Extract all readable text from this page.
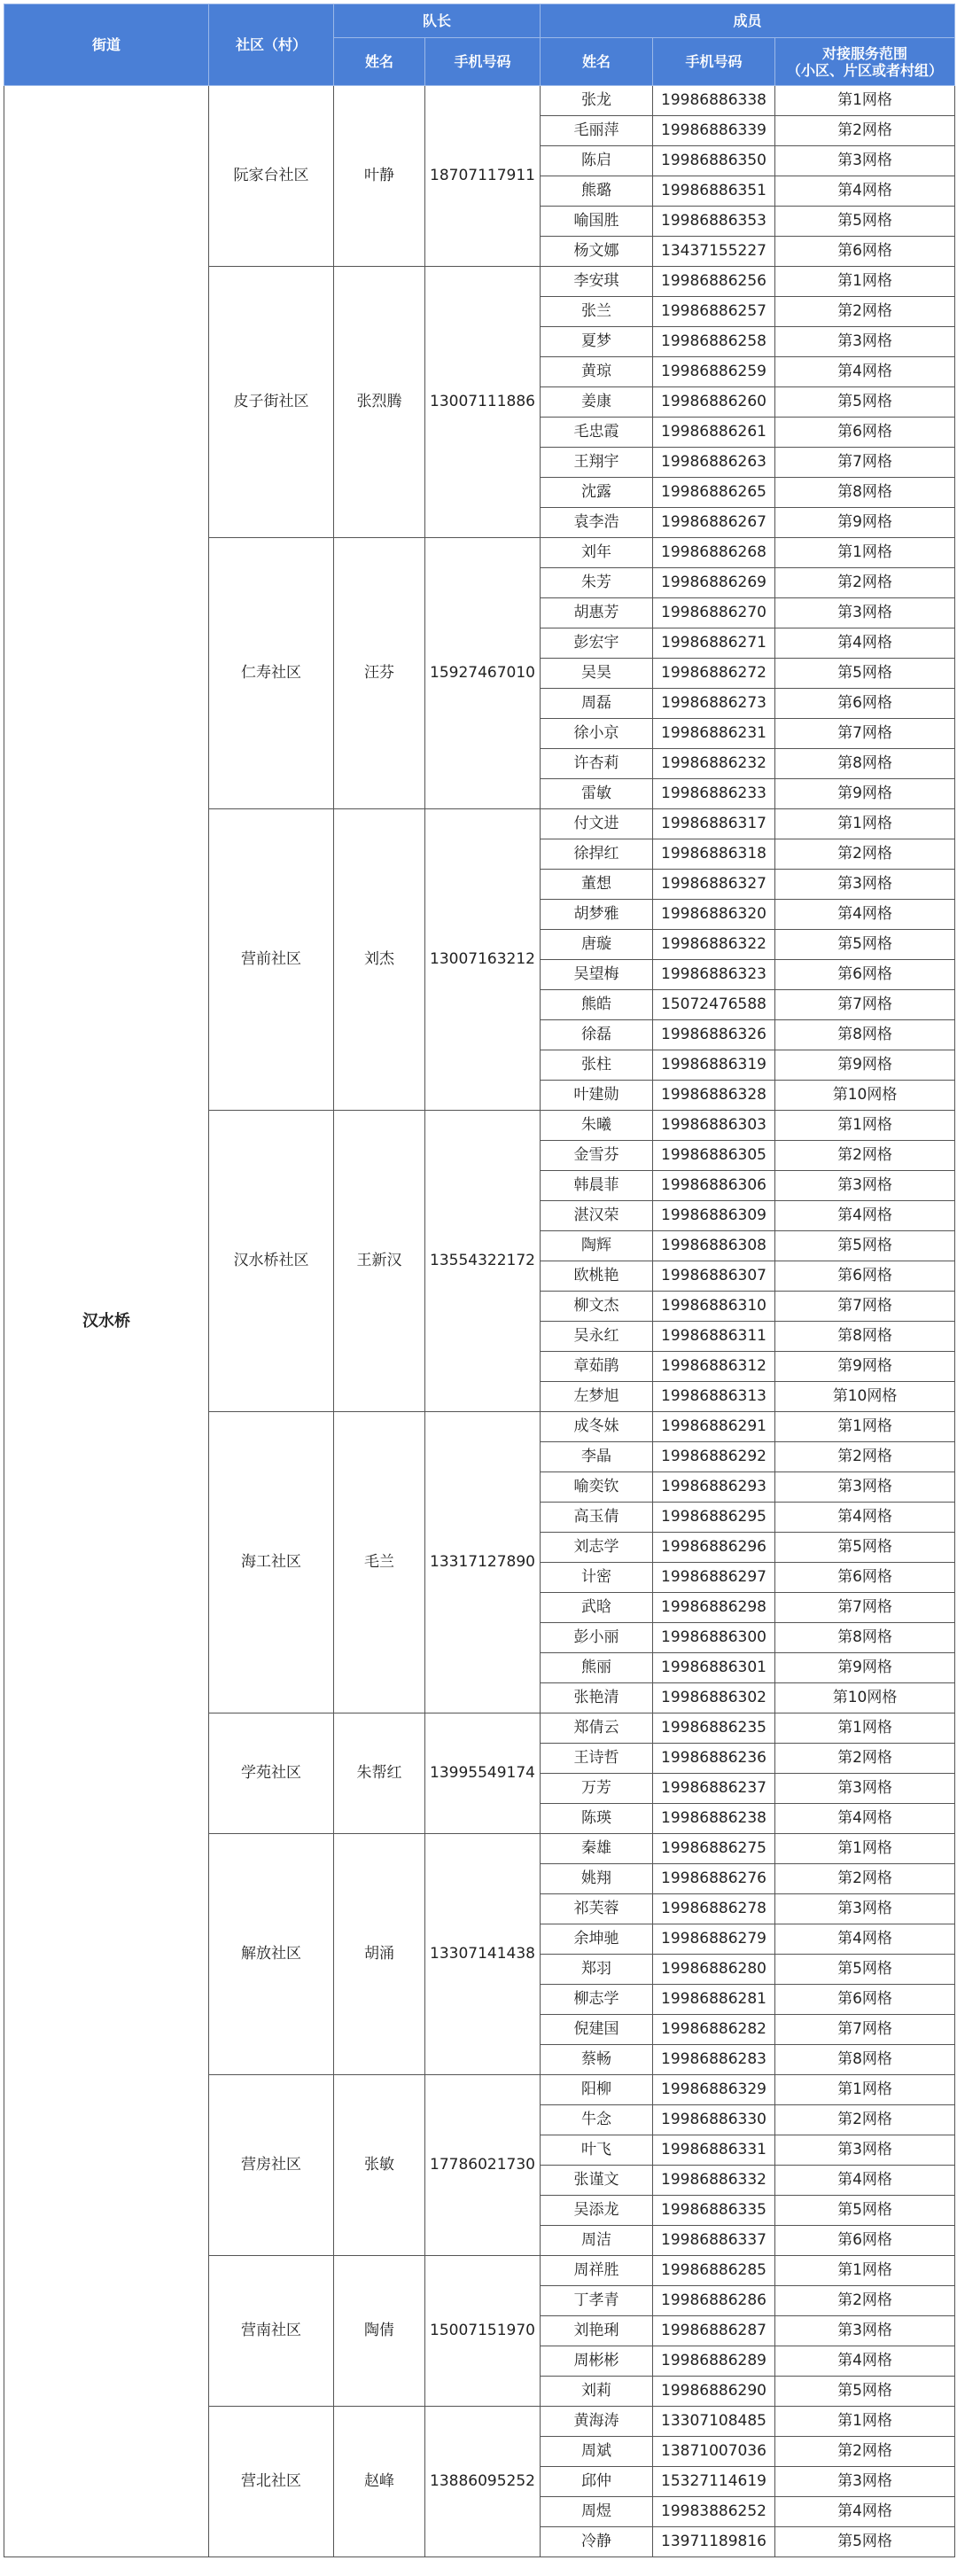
街道	社区（村）	队长		成员		
		姓名	手机号码	姓名	手机号码	对接服务范围
（小区、片区或者村组）
汉水桥	阮家台社区	叶静	18707117911	张龙	19986886338	第1网格
				毛丽萍	19986886339	第2网格
				陈启	19986886350	第3网格
				熊璐	19986886351	第4网格
				喻国胜	19986886353	第5网格
				杨文娜	13437155227	第6网格
	皮子街社区	张烈腾	13007111886	李安琪	19986886256	第1网格
				张兰	19986886257	第2网格
				夏梦	19986886258	第3网格
				黄琼	19986886259	第4网格
				姜康	19986886260	第5网格
				毛忠霞	19986886261	第6网格
				王翔宇	19986886263	第7网格
				沈露	19986886265	第8网格
				袁李浩	19986886267	第9网格
	仁寿社区	汪芬	15927467010	刘年	19986886268	第1网格
				朱芳	19986886269	第2网格
				胡惠芳	19986886270	第3网格
				彭宏宇	19986886271	第4网格
				吴昊	19986886272	第5网格
				周磊	19986886273	第6网格
				徐小京	19986886231	第7网格
				许杏莉	19986886232	第8网格
				雷敏	19986886233	第9网格
	营前社区	刘杰	13007163212	付文进	19986886317	第1网格
				徐捍红	19986886318	第2网格
				董想	19986886327	第3网格
				胡梦雅	19986886320	第4网格
				唐璇	19986886322	第5网格
				吴望梅	19986886323	第6网格
				熊皓	15072476588	第7网格
				徐磊	19986886326	第8网格
				张柱	19986886319	第9网格
				叶建勋	19986886328	第10网格
	汉水桥社区	王新汉	13554322172	朱曦	19986886303	第1网格
				金雪芬	19986886305	第2网格
				韩晨菲	19986886306	第3网格
				湛汉荣	19986886309	第4网格
				陶辉	19986886308	第5网格
				欧桃艳	19986886307	第6网格
				柳文杰	19986886310	第7网格
				吴永红	19986886311	第8网格
				章茹鹃	19986886312	第9网格
				左梦旭	19986886313	第10网格
	海工社区	毛兰	13317127890	成冬妹	19986886291	第1网格
				李晶	19986886292	第2网格
				喻奕钦	19986886293	第3网格
				高玉倩	19986886295	第4网格
				刘志学	19986886296	第5网格
				计密	19986886297	第6网格
				武晗	19986886298	第7网格
				彭小丽	19986886300	第8网格
				熊丽	19986886301	第9网格
				张艳清	19986886302	第10网格
	学苑社区	朱帮红	13995549174	郑倩云	19986886235	第1网格
				王诗哲	19986886236	第2网格
				万芳	19986886237	第3网格
				陈瑛	19986886238	第4网格
	解放社区	胡涌	13307141438	秦雄	19986886275	第1网格
				姚翔	19986886276	第2网格
				祁芙蓉	19986886278	第3网格
				余坤驰	19986886279	第4网格
				郑羽	19986886280	第5网格
				柳志学	19986886281	第6网格
				倪建国	19986886282	第7网格
				蔡畅	19986886283	第8网格
	营房社区	张敏	17786021730	阳柳	19986886329	第1网格
				牛念	19986886330	第2网格
				叶飞	19986886331	第3网格
				张谨文	19986886332	第4网格
				吴添龙	19986886335	第5网格
				周洁	19986886337	第6网格
	营南社区	陶倩	15007151970	周祥胜	19986886285	第1网格
				丁孝青	19986886286	第2网格
				刘艳琍	19986886287	第3网格
				周彬彬	19986886289	第4网格
				刘莉	19986886290	第5网格
	营北社区	赵峰	13886095252	黄海涛	13307108485	第1网格
				周斌	13871007036	第2网格
				邱仲	15327114619	第3网格
				周煜	19983886252	第4网格
				冷静	13971189816	第5网格
